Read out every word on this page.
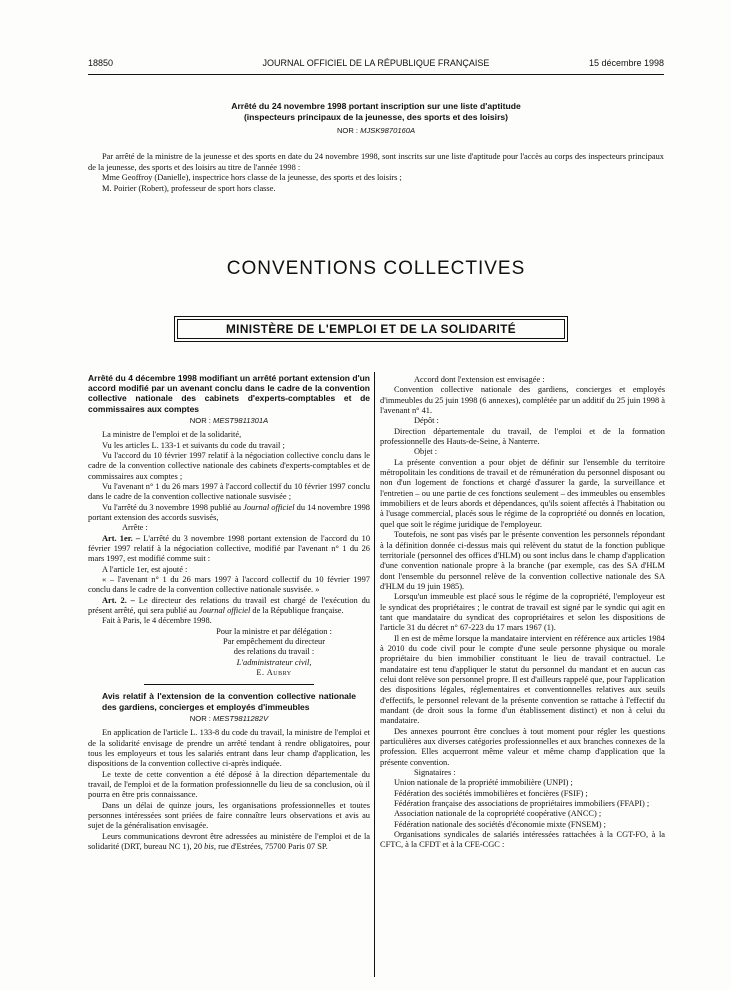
18850	JOURNAL OFFICIEL DE LA RÉPUBLIQUE FRANÇAISE	15 décembre 1998
Arrêté du 24 novembre 1998 portant inscription sur une liste d'aptitude
(inspecteurs principaux de la jeunesse, des sports et des loisirs)
NOR : MJSK9870160A

Par arrêté de la ministre de la jeunesse et des sports en date du 24 novembre 1998, sont inscrits sur une liste d'aptitude pour l'accès au corps des inspecteurs principaux de la jeunesse, des sports et des loisirs au titre de l'année 1998 :

Mme Geoffroy (Danielle), inspectrice hors classe de la jeunesse, des sports et des loisirs ;

M. Poirier (Robert), professeur de sport hors classe.

CONVENTIONS COLLECTIVES
MINISTÈRE DE L'EMPLOI ET DE LA SOLIDARITÉ

Arrêté du 4 décembre 1998 modifiant un arrêté portant extension d'un accord modifié par un avenant conclu dans le cadre de la convention collective nationale des cabinets d'experts-comptables et de commissaires aux comptes

NOR : MEST9811301A

La ministre de l'emploi et de la solidarité,

Vu les articles L. 133-1 et suivants du code du travail ;

Vu l'accord du 10 février 1997 relatif à la négociation collective conclu dans le cadre de la convention collective nationale des cabinets d'experts-comptables et de commissaires aux comptes ;

Vu l'avenant n° 1 du 26 mars 1997 à l'accord collectif du 10 février 1997 conclu dans le cadre de la convention collective nationale susvisée ;

Vu l'arrêté du 3 novembre 1998 publié au Journal officiel du 14 novembre 1998 portant extension des accords susvisés,

Arrête :

Art. 1er. – L'arrêté du 3 novembre 1998 portant extension de l'accord du 10 février 1997 relatif à la négociation collective, modifié par l'avenant n° 1 du 26 mars 1997, est modifié comme suit :

A l'article 1er, est ajouté :

« – l'avenant n° 1 du 26 mars 1997 à l'accord collectif du 10 février 1997 conclu dans le cadre de la convention collective nationale susvisée. »

Art. 2. – Le directeur des relations du travail est chargé de l'exécution du présent arrêté, qui sera publié au Journal officiel de la République française.

Fait à Paris, le 4 décembre 1998.

Pour la ministre et par délégation :

Par empêchement du directeur

des relations du travail :

L'administrateur civil,

E. Aubry

Avis relatif à l'extension de la convention collective nationale des gardiens, concierges et employés d'immeubles

NOR : MEST9811282V

En application de l'article L. 133-8 du code du travail, la ministre de l'emploi et de la solidarité envisage de prendre un arrêté tendant à rendre obligatoires, pour tous les employeurs et tous les salariés entrant dans leur champ d'application, les dispositions de la convention collective ci-après indiquée.

Le texte de cette convention a été déposé à la direction départementale du travail, de l'emploi et de la formation professionnelle du lieu de sa conclusion, où il pourra en être pris connaissance.

Dans un délai de quinze jours, les organisations professionnelles et toutes personnes intéressées sont priées de faire connaître leurs observations et avis au sujet de la généralisation envisagée.

Leurs communications devront être adressées au ministère de l'emploi et de la solidarité (DRT, bureau NC 1), 20 bis, rue d'Estrées, 75700 Paris 07 SP.

Accord dont l'extension est envisagée :

Convention collective nationale des gardiens, concierges et employés d'immeubles du 25 juin 1998 (6 annexes), complétée par un additif du 25 juin 1998 à l'avenant n° 41.

Dépôt :

Direction départementale du travail, de l'emploi et de la formation professionnelle des Hauts-de-Seine, à Nanterre.

Objet :

La présente convention a pour objet de définir sur l'ensemble du territoire métropolitain les conditions de travail et de rémunération du personnel disposant ou non d'un logement de fonctions et chargé d'assurer la garde, la surveillance et l'entretien – ou une partie de ces fonctions seulement – des immeubles ou ensembles immobiliers et de leurs abords et dépendances, qu'ils soient affectés à l'habitation ou à l'usage commercial, placés sous le régime de la copropriété ou donnés en location, quel que soit le régime juridique de l'employeur.

Toutefois, ne sont pas visés par le présente convention les personnels répondant à la définition donnée ci-dessus mais qui relèvent du statut de la fonction publique territoriale (personnel des offices d'HLM) ou sont inclus dans le champ d'application d'une convention nationale propre à la branche (par exemple, cas des SA d'HLM dont l'ensemble du personnel relève de la convention collective nationale des SA d'HLM du 19 juin 1985).

Lorsqu'un immeuble est placé sous le régime de la copropriété, l'employeur est le syndicat des propriétaires ; le contrat de travail est signé par le syndic qui agit en tant que mandataire du syndicat des copropriétaires et selon les dispositions de l'article 31 du décret n° 67-223 du 17 mars 1967 (1).

Il en est de même lorsque la mandataire intervient en référence aux articles 1984 à 2010 du code civil pour le compte d'une seule personne physique ou morale propriétaire du bien immobilier constituant le lieu de travail contractuel. Le mandataire est tenu d'appliquer le statut du personnel du mandant et en aucun cas celui dont relève son personnel propre. Il est d'ailleurs rappelé que, pour l'application des dispositions légales, réglementaires et conventionnelles relatives aux seuils d'effectifs, le personnel relevant de la présente convention se rattache à l'effectif du mandant (de droit sous la forme d'un établissement distinct) et non à celui du mandataire.

Des annexes pourront être conclues à tout moment pour régler les questions particulières aux diverses catégories professionnelles et aux branches connexes de la profession. Elles acquerront même valeur et même champ d'application que la présente convention.

Signataires :

Union nationale de la propriété immobilière (UNPI) ;

Fédération des sociétés immobilières et foncières (FSIF) ;

Fédération française des associations de propriétaires immobiliers (FFAPI) ;

Association nationale de la copropriété coopérative (ANCC) ;

Fédération nationale des sociétés d'économie mixte (FNSEM) ;

Organisations syndicales de salariés intéressées rattachées à la CGT-FO, à la CFTC, à la CFDT et à la CFE-CGC :
